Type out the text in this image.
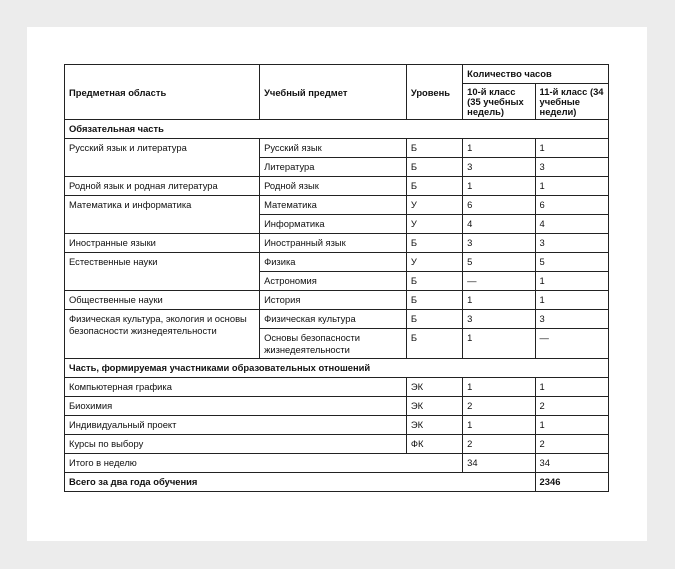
Предметная область	Учебный предмет	Уровень	Количество часов	
			10-й класс (35 учебных недель)	11-й класс (34 учебные недели)
Обязательная часть				
Русский язык и литература	Русский язык	Б	1	1
	Литература	Б	3	3
Родной язык и родная литература	Родной язык	Б	1	1
Математика и информатика	Математика	У	6	6
	Информатика	У	4	4
Иностранные языки	Иностранный язык	Б	3	3
Естественные науки	Физика	У	5	5
	Астрономия	Б	—	1
Общественные науки	История	Б	1	1
Физическая культура, экология и основы безопасности жизнедеятельности	Физическая культура	Б	3	3
	Основы безопасности жизнедеятельности	Б	1	—
Часть, формируемая участниками образовательных отношений				
Компьютерная графика		ЭК	1	1
Биохимия		ЭК	2	2
Индивидуальный проект		ЭК	1	1
Курсы по выбору		ФК	2	2
Итого в неделю			34	34
Всего за два года обучения				2346
